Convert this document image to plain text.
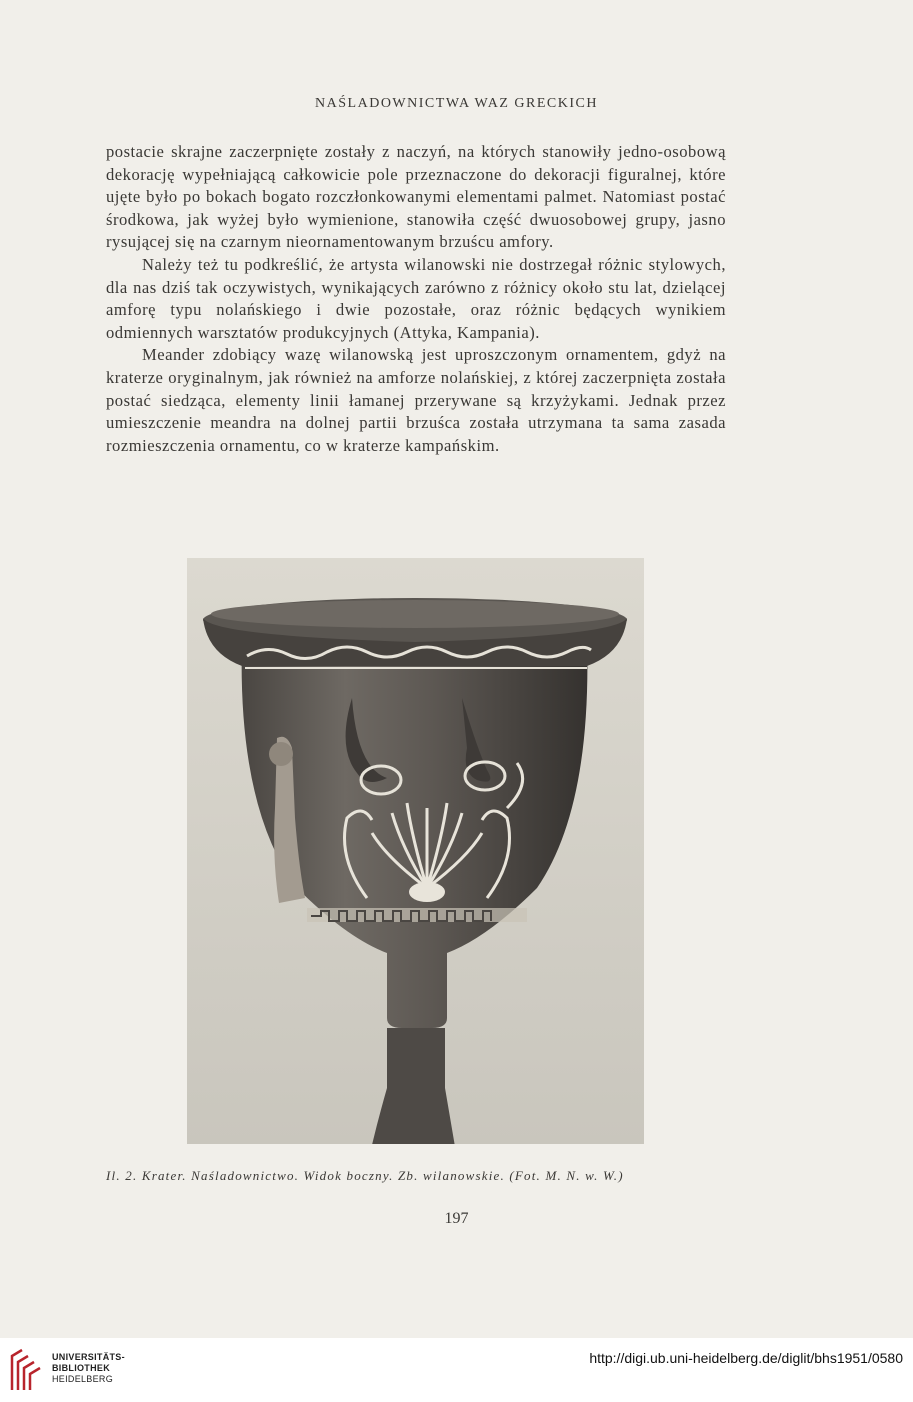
NAŚLADOWNICTWA WAZ GRECKICH

postacie skrajne zaczerpnięte zostały z naczyń, na których stanowiły jedno-osobową dekorację wypełniającą całkowicie pole przeznaczone do dekoracji figuralnej, które ujęte było po bokach bogato rozczłonkowanymi elementami palmet. Natomiast postać środkowa, jak wyżej było wymienione, stanowiła część dwuosobowej grupy, jasno rysującej się na czarnym nieornamentowanym brzuścu amfory.

Należy też tu podkreślić, że artysta wilanowski nie dostrzegał różnic stylowych, dla nas dziś tak oczywistych, wynikających zarówno z różnicy około stu lat, dzielącej amforę typu nolańskiego i dwie pozostałe, oraz różnic będących wynikiem odmiennych warsztatów produkcyjnych (Attyka, Kampania).

Meander zdobiący wazę wilanowską jest uproszczonym ornamentem, gdyż na kraterze oryginalnym, jak również na amforze nolańskiej, z której zaczerpnięta została postać siedząca, elementy linii łamanej przerywane są krzyżykami. Jednak przez umieszczenie meandra na dolnej partii brzuśca została utrzymana ta sama zasada rozmieszczenia ornamentu, co w kraterze kampańskim.

Il. 2. Krater. Naśladownictwo. Widok boczny. Zb. wilanowskie. (Fot. M. N. w. W.)
197
UNIVERSITÄTS-
BIBLIOTHEK
HEIDELBERG
http://digi.ub.uni-heidelberg.de/diglit/bhs1951/0580
